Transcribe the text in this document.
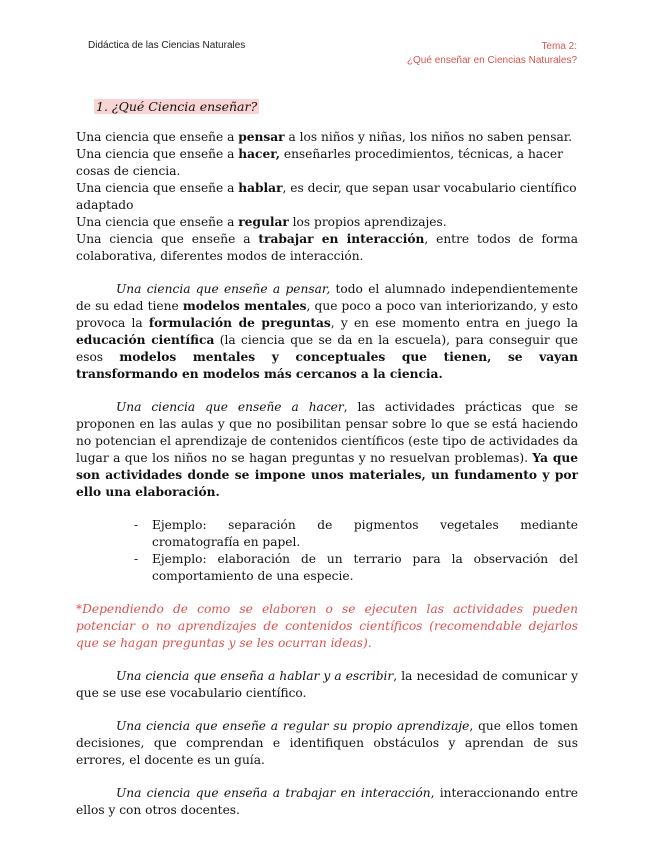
Didáctica de las Ciencias Naturales	Tema 2:
¿Qué enseñar en Ciencias Naturales?

1. ¿Qué Ciencia enseñar?

Una ciencia que enseñe a pensar a los niños y niñas, los niños no saben pensar.

Una ciencia que enseñe a hacer, enseñarles procedimientos, técnicas, a hacer cosas de ciencia.

Una ciencia que enseñe a hablar, es decir, que sepan usar vocabulario científico adaptado

Una ciencia que enseñe a regular los propios aprendizajes.

Una ciencia que enseñe a trabajar en interacción, entre todos de forma colaborativa, diferentes modos de interacción.

Una ciencia que enseñe a pensar, todo el alumnado independientemente de su edad tiene modelos mentales, que poco a poco van interiorizando, y esto provoca la formulación de preguntas, y en ese momento entra en juego la educación científica (la ciencia que se da en la escuela), para conseguir que esos modelos mentales y conceptuales que tienen, se vayan transformando en modelos más cercanos a la ciencia.

Una ciencia que enseñe a hacer, las actividades prácticas que se proponen en las aulas y que no posibilitan pensar sobre lo que se está haciendo no potencian el aprendizaje de contenidos científicos (este tipo de actividades da lugar a que los niños no se hagan preguntas y no resuelvan problemas). Ya que son actividades donde se impone unos materiales, un fundamento y por ello una elaboración.

- Ejemplo: separación de pigmentos vegetales mediante cromatografía en papel.
- Ejemplo: elaboración de un terrario para la observación del comportamiento de una especie.

*Dependiendo de como se elaboren o se ejecuten las actividades pueden potenciar o no aprendizajes de contenidos científicos (recomendable dejarlos que se hagan preguntas y se les ocurran ideas).

Una ciencia que enseña a hablar y a escribir, la necesidad de comunicar y que se use ese vocabulario científico.

Una ciencia que enseñe a regular su propio aprendizaje, que ellos tomen decisiones, que comprendan e identifiquen obstáculos y aprendan de sus errores, el docente es un guía.

Una ciencia que enseña a trabajar en interacción, interaccionando entre ellos y con otros docentes.
